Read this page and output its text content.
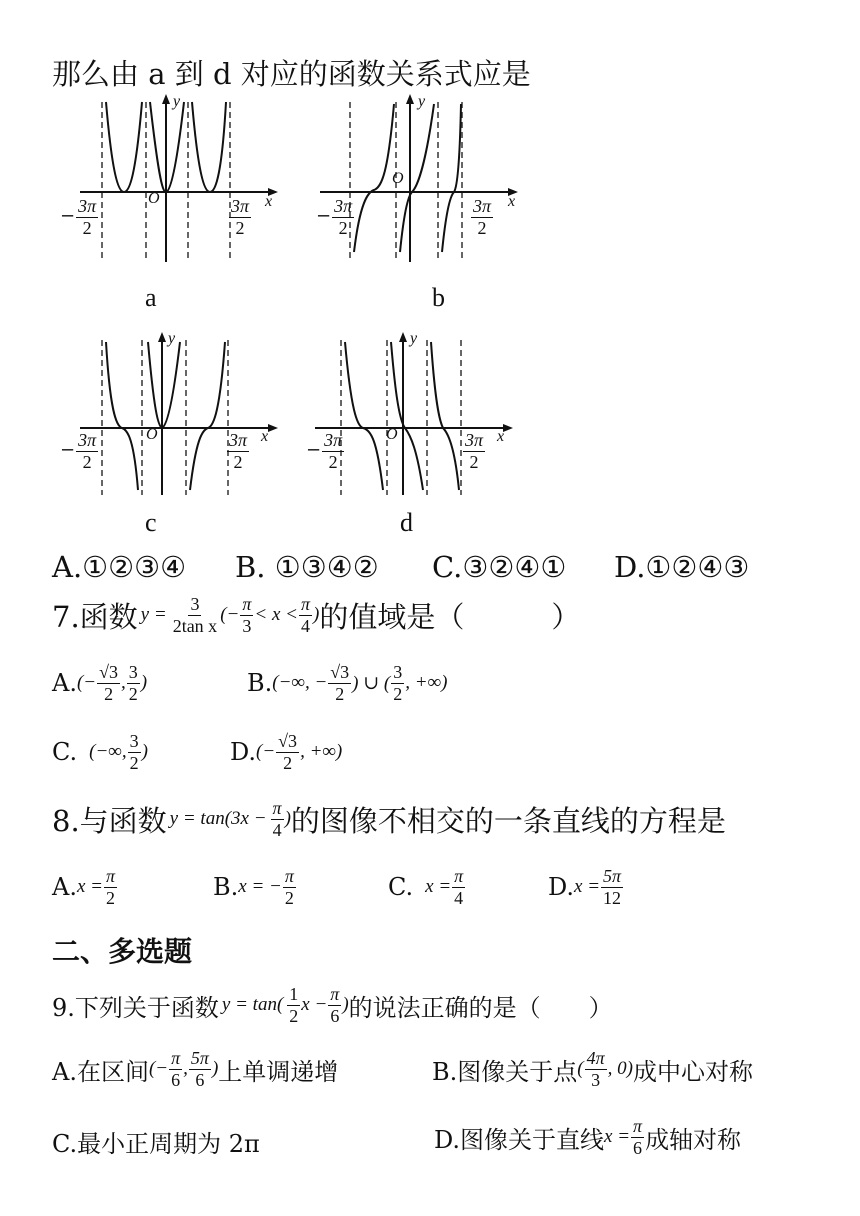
那么由 a 到 d 对应的函数关系式应是
y
O	x
− $\frac{3\pi}{2}$	$\frac{3\pi}{2}$
a
y
O
x
− $\frac{3\pi}{2}$	$\frac{3\pi}{2}$
b
y
O	x
− $\frac{3\pi}{2}$	$\frac{3\pi}{2}$
c
y
O	x
− $\frac{3\pi}{2}$	$\frac{3\pi}{2}$
d
A.①②③④ B. ①③④② C.③②④① D.①②④③
7.函数 $y = \frac{3}{\text{2tan x}}$ (− $\frac{\pi}{3} < x < \frac{\pi}{4}$ ) 的值域是（　　　）
A. (− $\frac{√3}{2}$ , $\frac{3}{2}$ )	B. (−∞, − $\frac{√3}{2}$ ) ∪ ( $\frac{3}{2}$ , +∞)
C. (−∞, $\frac{3}{2}$ )	D. (− $\frac{√3}{2}$ , +∞)
8.与函数 $y = \tan(3x - \frac{\pi}{4}$ ) 的图像不相交的一条直线的方程是
A. $x = \frac{\pi}{2}$	B. x = − $\frac{\pi}{2}$	C. $x = \frac{\pi}{4}$	D. $x = \frac{5\pi}{12}$
二、多选题
9.下列关于函数 $y = \tan( \frac{1}{2}$ $x - \frac{\pi}{6}$ ) 的说法正确的是（　　）
A.在区间 (− $\frac{\pi}{6}$ , $\frac{5\pi}{6}$ ) 上单调递增	B.图像关于点 ( $\frac{4\pi}{3}$ , 0) 成中心对称
C.最小正周期为 2π	D.图像关于直线 $x = \frac{\pi}{6}$ 成轴对称
